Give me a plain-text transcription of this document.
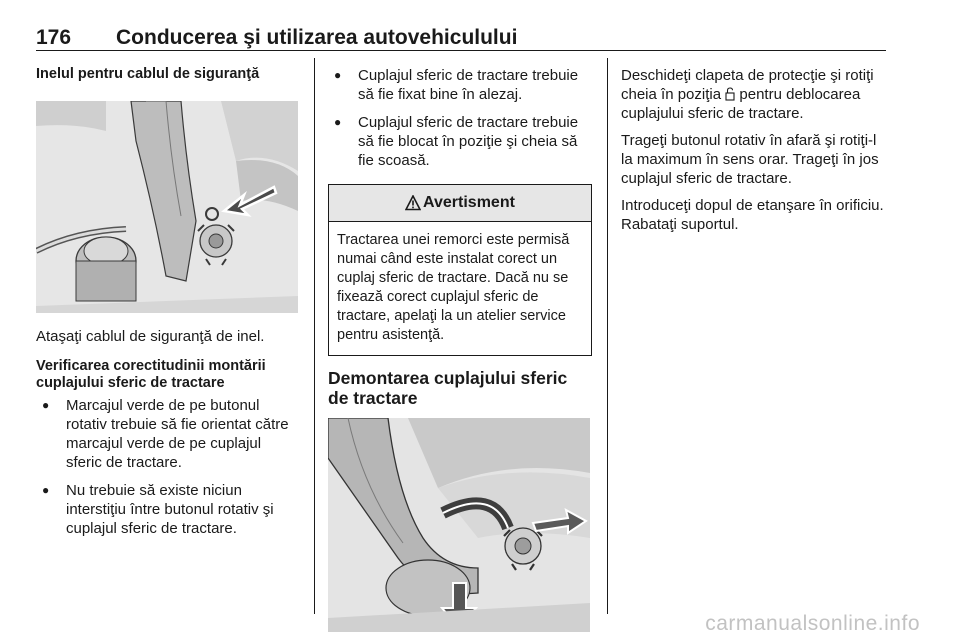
176 Conducerea şi utilizarea autovehiculului
Inelul pentru cablul de siguranţă

Ataşaţi cablul de siguranţă de inel.

Verificarea corectitudinii montării cuplajului sferic de tractare
● Marcajul verde de pe butonul rotativ trebuie să fie orientat către marcajul verde de pe cuplajul sferic de tractare.
● Nu trebuie să existe niciun interstiţiu între butonul rotativ şi cuplajul sferic de tractare.
● Cuplajul sferic de tractare trebuie să fie fixat bine în alezaj.
● Cuplajul sferic de tractare trebuie să fie blocat în poziţie şi cheia să fie scoasă.
Avertisment

Tractarea unei remorci este permisă numai când este instalat corect un cuplaj sferic de tractare. Dacă nu se fixează corect cuplajul sferic de tractare, apelaţi la un atelier service pentru asistenţă.

Demontarea cuplajului sferic de tractare

Deschideţi clapeta de protecţie şi rotiţi cheia în poziţia  pentru deblocarea cuplajului sferic de tractare.

Trageţi butonul rotativ în afară şi rotiţi-l la maximum în sens orar. Trageţi în jos cuplajul sferic de tractare.

Introduceţi dopul de etanşare în orificiu. Rabataţi suportul.

carmanualsonline.info
